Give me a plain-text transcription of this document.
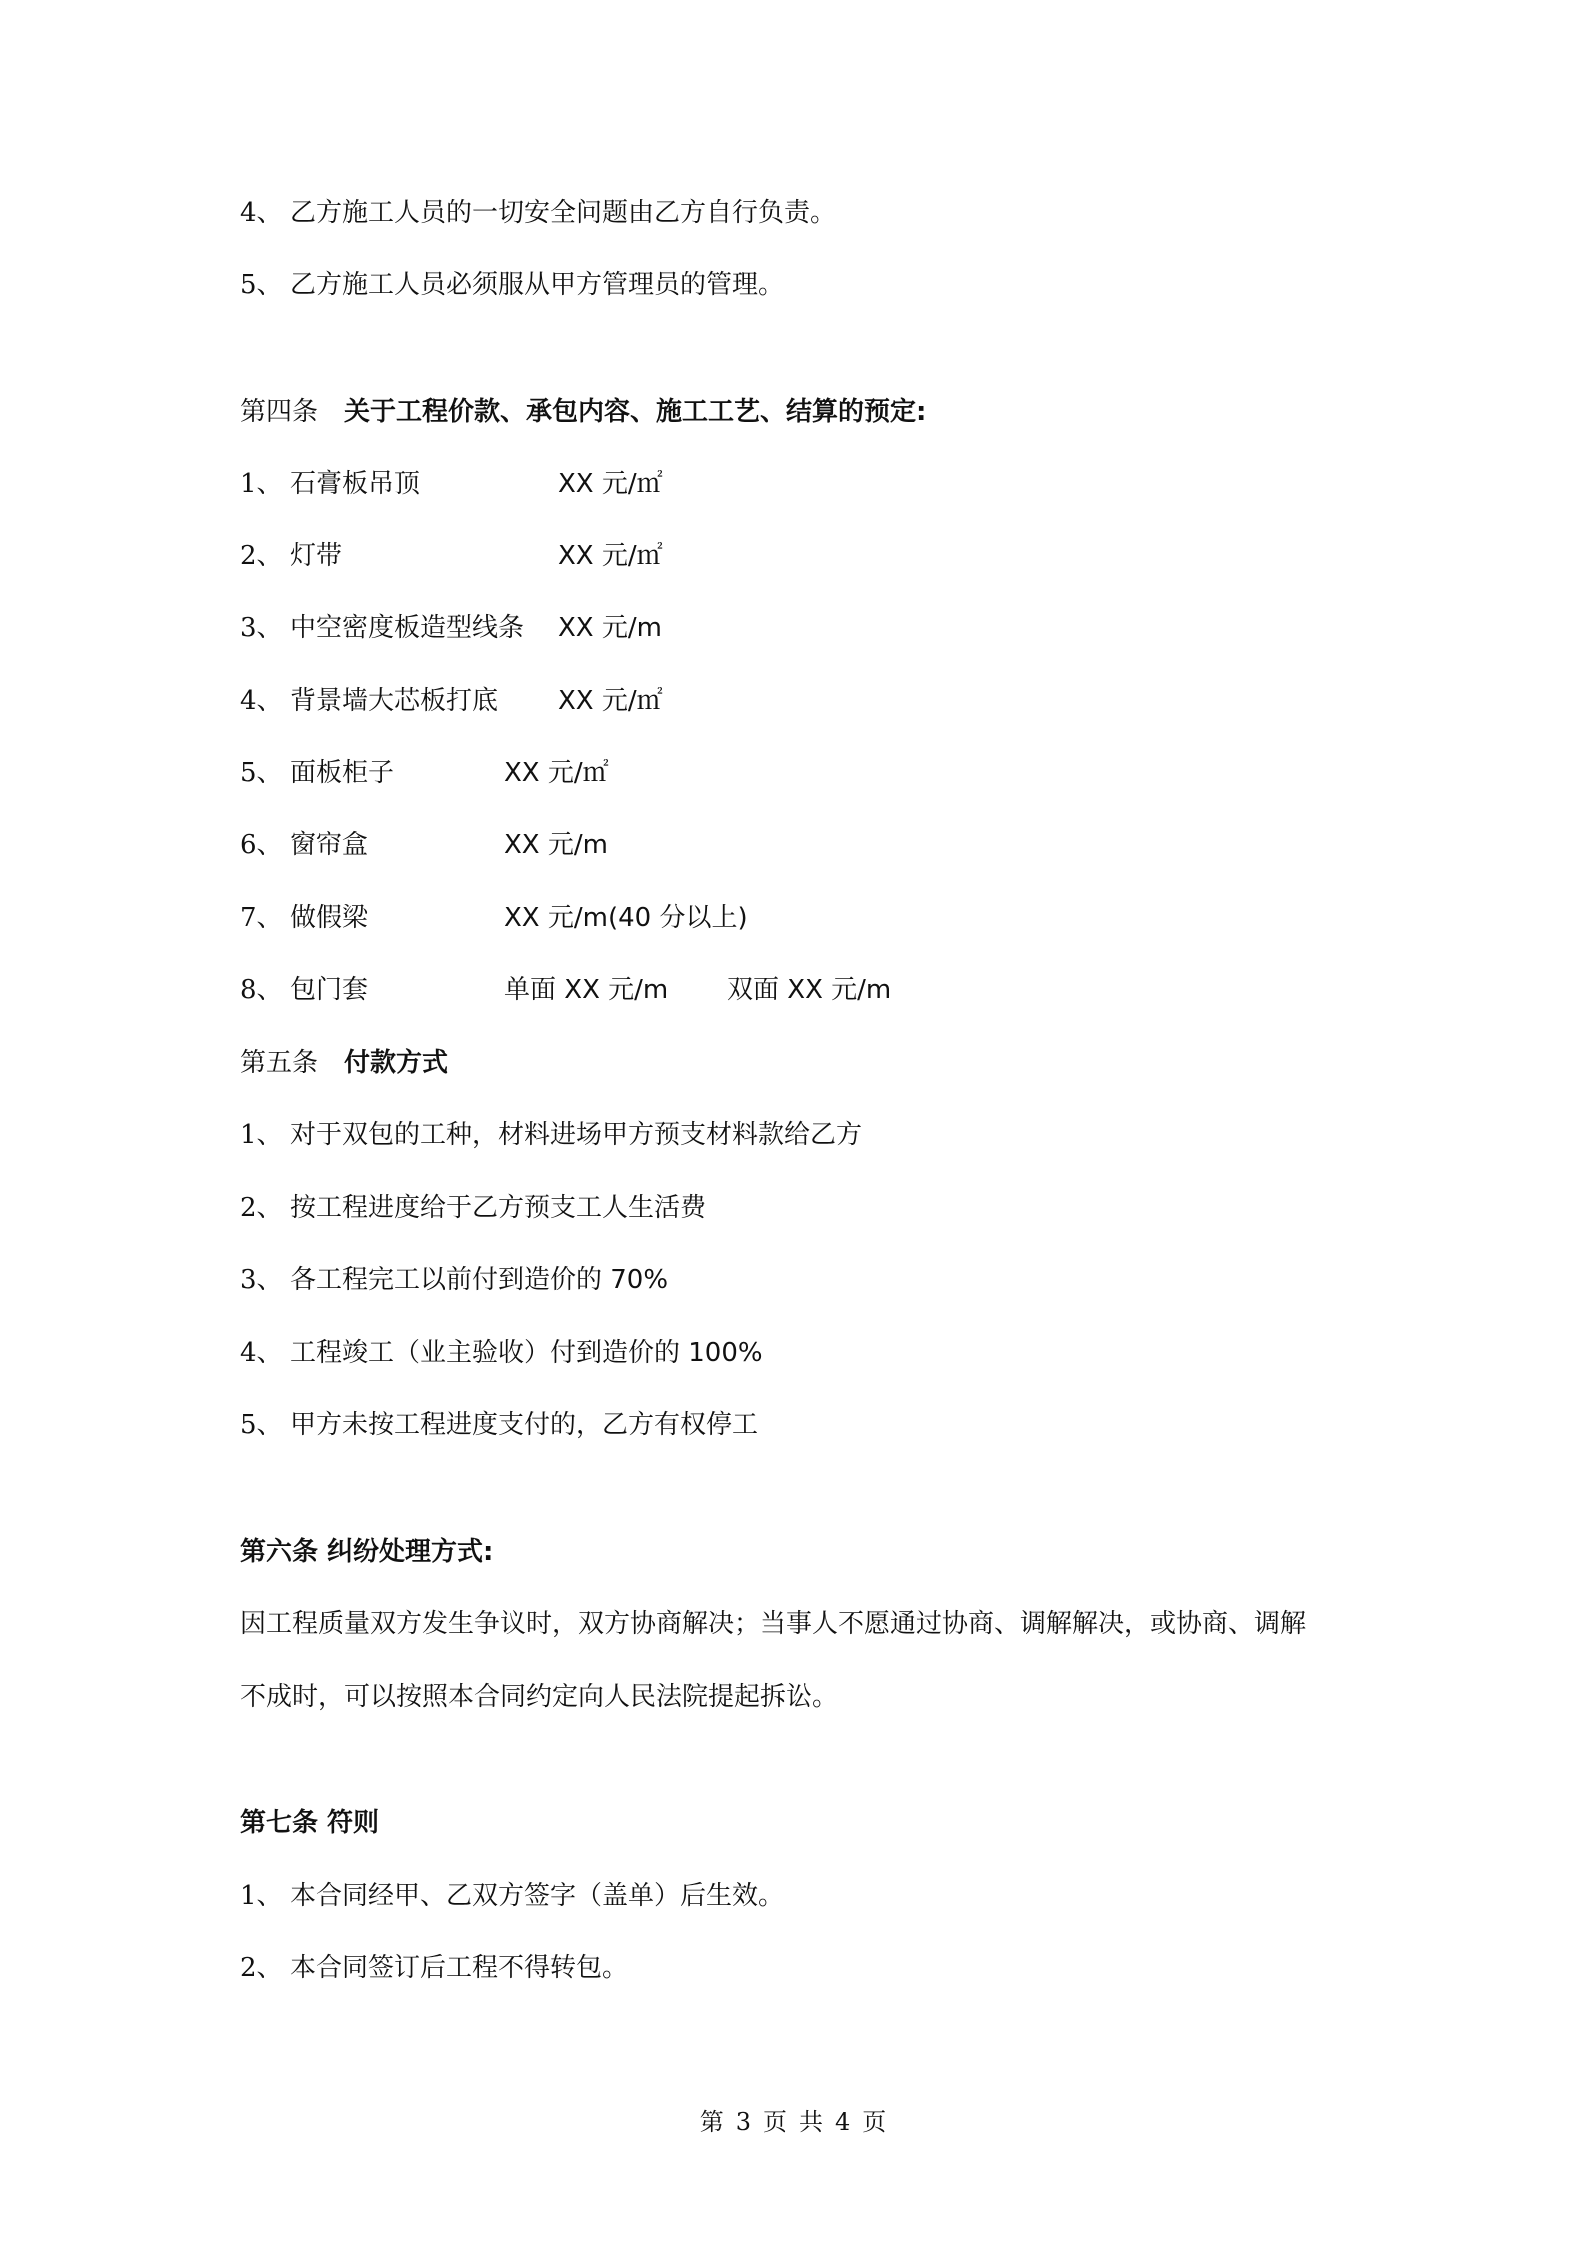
4、 乙方施工人员的一切安全问题由乙方自行负责。
5、 乙方施工人员必须服从甲方管理员的管理。
第四条 关于工程价款、承包内容、施工工艺、结算的预定:
1、 石膏板吊顶	XX 元/㎡
2、 灯带	XX 元/㎡
3、 中空密度板造型线条 XX 元/m
4、 背景墙大芯板打底 XX 元/㎡
5、 面板柜子	XX 元/㎡
6、 窗帘盒	XX 元/m
7、 做假梁	XX 元/m(40 分以上)
8、 包门套	单面 XX 元/m 双面 XX 元/m
第五条 付款方式
1、 对于双包的工种，材料进场甲方预支材料款给乙方
2、 按工程进度给于乙方预支工人生活费
3、 各工程完工以前付到造价的 70%
4、 工程竣工（业主验收）付到造价的 100%
5、 甲方未按工程进度支付的，乙方有权停工
第六条 纠纷处理方式:
因工程质量双方发生争议时，双方协商解决；当事人不愿通过协商、调解解决，或协商、调解
不成时，可以按照本合同约定向人民法院提起拆讼。
第七条 符则
1、 本合同经甲、乙双方签字（盖单）后生效。
2、 本合同签订后工程不得转包。
第 3 页 共 4 页
